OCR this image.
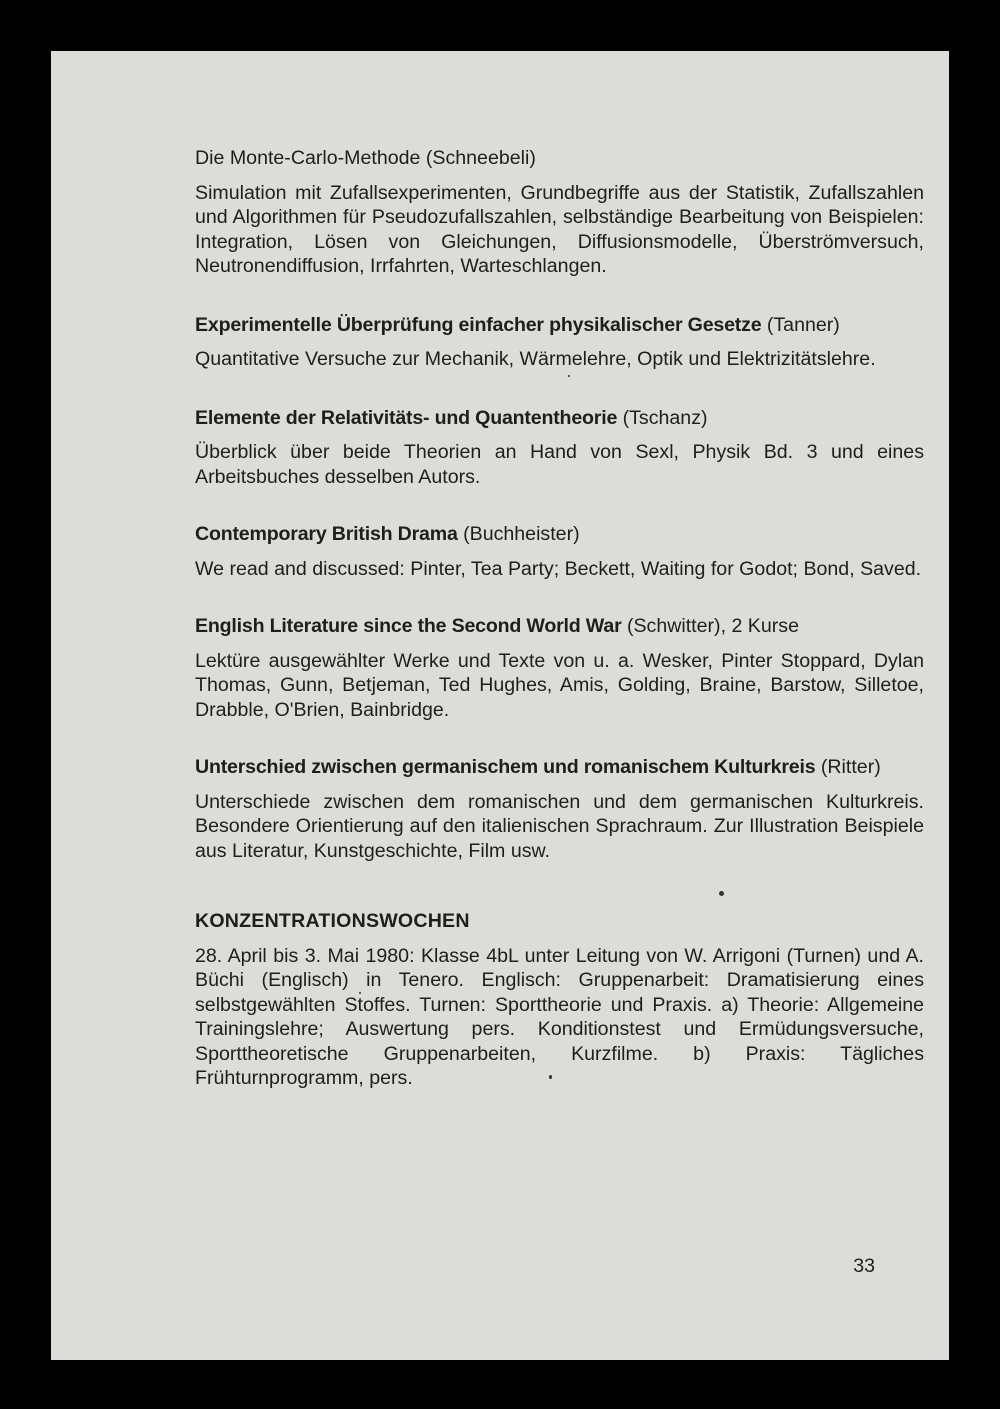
Die Monte-Carlo-Methode (Schneebeli)

Simulation mit Zufallsexperimenten, Grundbegriffe aus der Statistik, Zufallszahlen und Algorithmen für Pseudozufallszahlen, selbständige Bearbeitung von Beispielen: Integration, Lösen von Gleichungen, Diffusionsmodelle, Überströmversuch, Neutronendiffusion, Irrfahrten, Warteschlangen.

Experimentelle Überprüfung einfacher physikalischer Gesetze (Tanner)

Quantitative Versuche zur Mechanik, Wärmelehre, Optik und Elektrizitätslehre.

Elemente der Relativitäts- und Quantentheorie (Tschanz)

Überblick über beide Theorien an Hand von Sexl, Physik Bd. 3 und eines Arbeitsbuches desselben Autors.

Contemporary British Drama (Buchheister)

We read and discussed: Pinter, Tea Party; Beckett, Waiting for Godot; Bond, Saved.

English Literature since the Second World War (Schwitter), 2 Kurse

Lektüre ausgewählter Werke und Texte von u. a. Wesker, Pinter Stoppard, Dylan Thomas, Gunn, Betjeman, Ted Hughes, Amis, Golding, Braine, Barstow, Silletoe, Drabble, O'Brien, Bainbridge.

Unterschied zwischen germanischem und romanischem Kulturkreis (Ritter)

Unterschiede zwischen dem romanischen und dem germanischen Kulturkreis. Besondere Orientierung auf den italienischen Sprachraum. Zur Illustration Beispiele aus Literatur, Kunstgeschichte, Film usw.

KONZENTRATIONSWOCHEN

28. April bis 3. Mai 1980: Klasse 4bL unter Leitung von W. Arrigoni (Turnen) und A. Büchi (Englisch) in Tenero. Englisch: Gruppenarbeit: Dramatisierung eines selbstgewählten Stoffes. Turnen: Sporttheorie und Praxis. a) Theorie: Allgemeine Trainingslehre; Auswertung pers. Konditionstest und Ermüdungsversuche, Sporttheoretische Gruppenarbeiten, Kurzfilme. b) Praxis: Tägliches Frühturnprogramm, pers.

33
